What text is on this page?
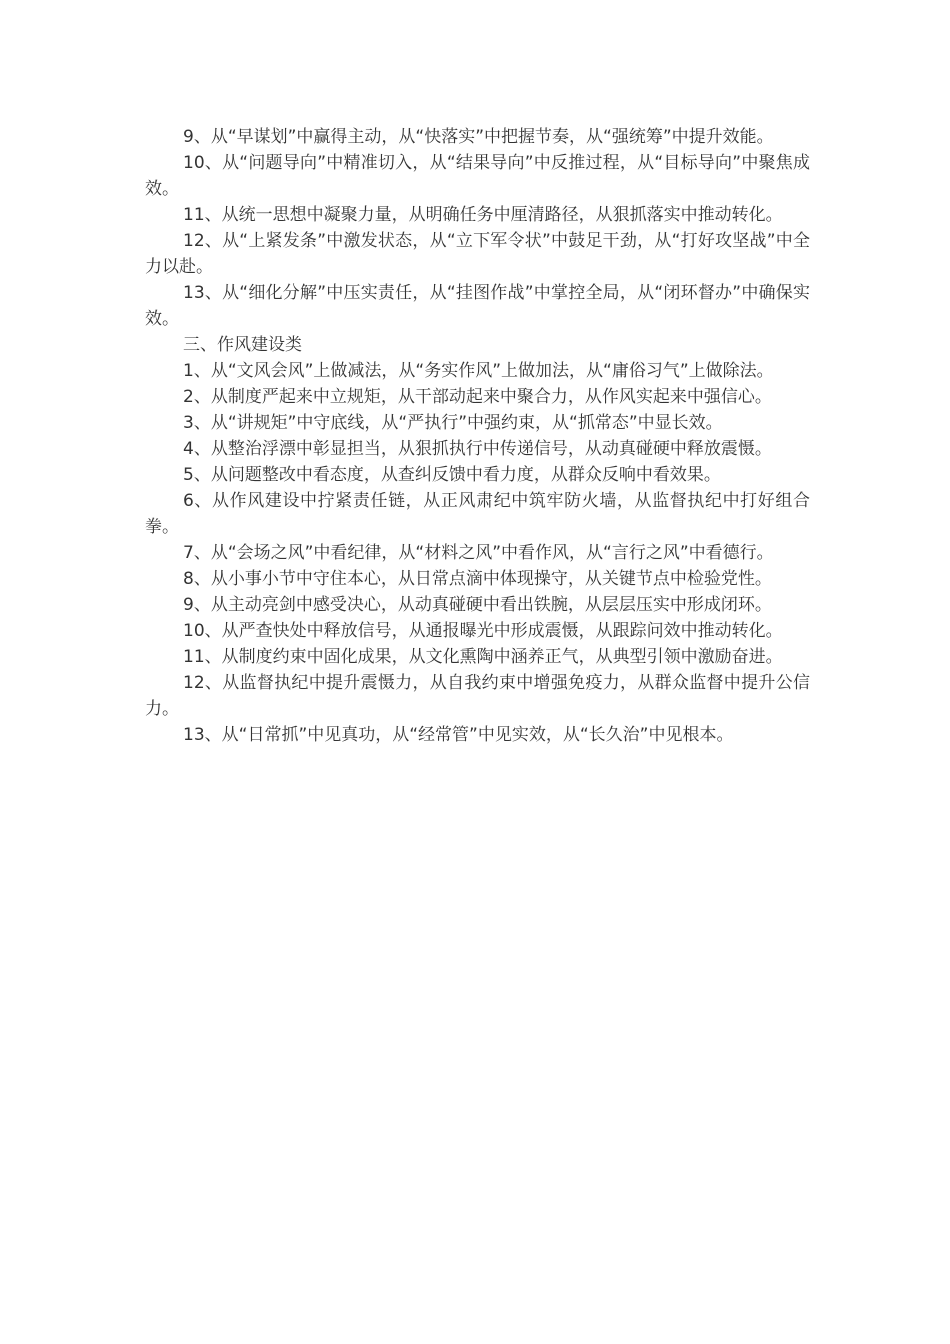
9、从“早谋划”中赢得主动，从“快落实”中把握节奏，从“强统筹”中提升效能。

10、从“问题导向”中精准切入，从“结果导向”中反推过程，从“目标导向”中聚焦成效。

11、从统一思想中凝聚力量，从明确任务中厘清路径，从狠抓落实中推动转化。

12、从“上紧发条”中激发状态，从“立下军令状”中鼓足干劲，从“打好攻坚战”中全力以赴。

13、从“细化分解”中压实责任，从“挂图作战”中掌控全局，从“闭环督办”中确保实效。

三、作风建设类

1、从“文风会风”上做减法，从“务实作风”上做加法，从“庸俗习气”上做除法。

2、从制度严起来中立规矩，从干部动起来中聚合力，从作风实起来中强信心。

3、从“讲规矩”中守底线，从“严执行”中强约束，从“抓常态”中显长效。

4、从整治浮漂中彰显担当，从狠抓执行中传递信号，从动真碰硬中释放震慑。

5、从问题整改中看态度，从查纠反馈中看力度，从群众反响中看效果。

6、从作风建设中拧紧责任链，从正风肃纪中筑牢防火墙，从监督执纪中打好组合拳。

7、从“会场之风”中看纪律，从“材料之风”中看作风，从“言行之风”中看德行。

8、从小事小节中守住本心，从日常点滴中体现操守，从关键节点中检验党性。

9、从主动亮剑中感受决心，从动真碰硬中看出铁腕，从层层压实中形成闭环。

10、从严查快处中释放信号，从通报曝光中形成震慑，从跟踪问效中推动转化。

11、从制度约束中固化成果，从文化熏陶中涵养正气，从典型引领中激励奋进。

12、从监督执纪中提升震慑力，从自我约束中增强免疫力，从群众监督中提升公信力。

13、从“日常抓”中见真功，从“经常管”中见实效，从“长久治”中见根本。
